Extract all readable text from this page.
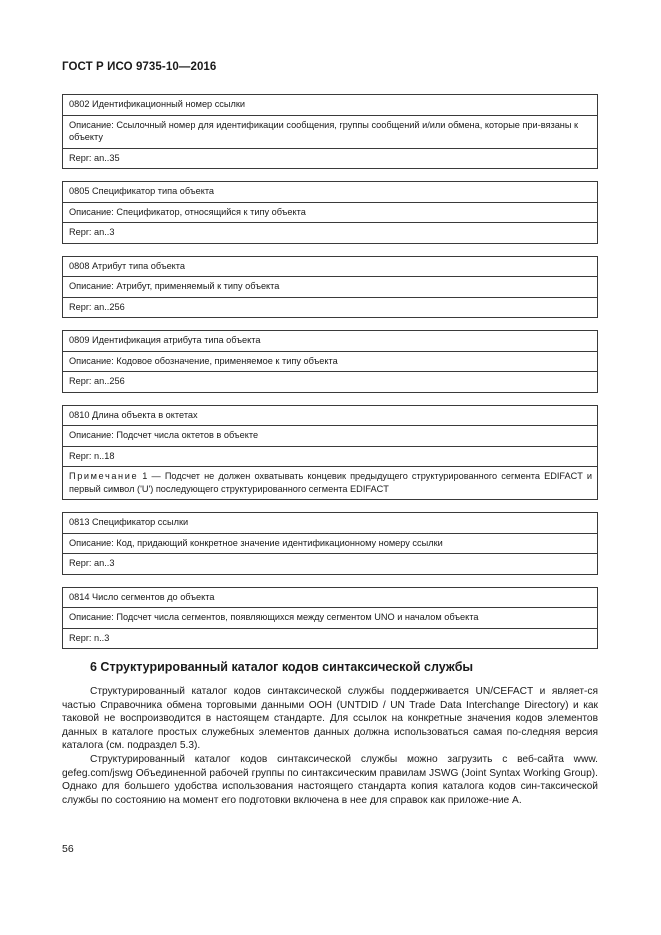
ГОСТ Р ИСО 9735-10—2016
0802 Идентификационный номер ссылки
Описание: Ссылочный номер для идентификации сообщения, группы сообщений и/или обмена, которые при-вязаны к объекту
Repr: an..35
0805 Спецификатор типа объекта
Описание: Спецификатор, относящийся к типу объекта
Repr: an..3
0808 Атрибут типа объекта
Описание: Атрибут, применяемый к типу объекта
Repr: an..256
0809 Идентификация атрибута типа объекта
Описание: Кодовое обозначение, применяемое к типу объекта
Repr: an..256
0810 Длина объекта в октетах
Описание: Подсчет числа октетов в объекте
Repr: n..18
Примечание 1 — Подсчет не должен охватывать концевик предыдущего структурированного сегмента EDIFACT и первый символ ('U') последующего структурированного сегмента EDIFACT
0813 Спецификатор ссылки
Описание: Код, придающий конкретное значение идентификационному номеру ссылки
Repr: an..3
0814 Число сегментов до объекта
Описание: Подсчет числа сегментов, появляющихся между сегментом UNO и началом объекта
Repr: n..3
6 Структурированный каталог кодов синтаксической службы

Структурированный каталог кодов синтаксической службы поддерживается UN/CEFACT и являет-ся частью Справочника обмена торговыми данными ООН (UNTDID / UN Trade Data Interchange Directory) и как таковой не воспроизводится в настоящем стандарте. Для ссылок на конкретные значения кодов элементов данных в каталоге простых служебных элементов данных должна использоваться самая по-следняя версия каталога (см. подраздел 5.3).

Структурированный каталог кодов синтаксической службы можно загрузить с веб-сайта www. gefeg.com/jswg Объединенной рабочей группы по синтаксическим правилам JSWG (Joint Syntax Working Group). Однако для большего удобства использования настоящего стандарта копия каталога кодов син-таксической службы по состоянию на момент его подготовки включена в нее для справок как приложе-ние А.

56
